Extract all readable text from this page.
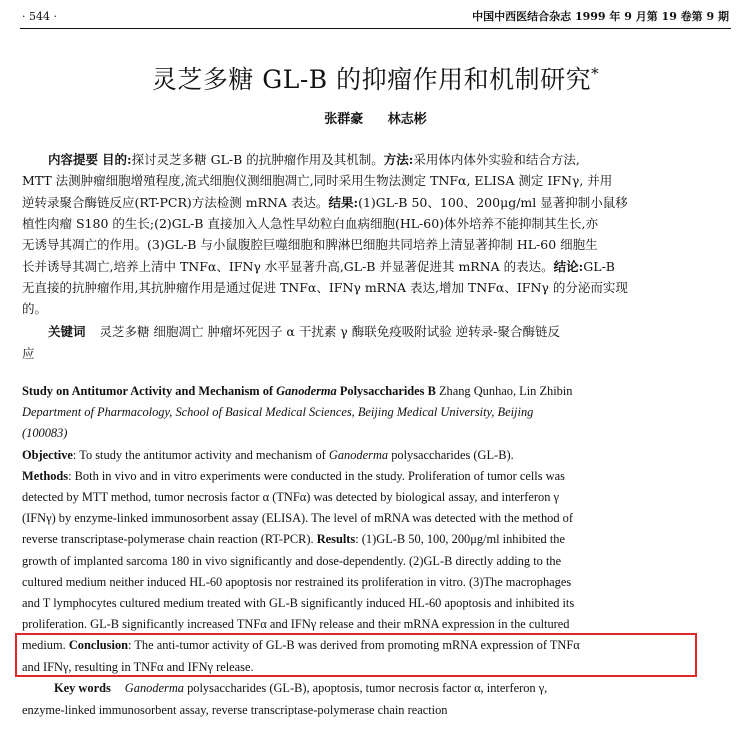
· 544 ·	中国中西医结合杂志 1999 年 9 月第 19 卷第 9 期
灵芝多糖 GL-B 的抑瘤作用和机制研究*
张群豪 林志彬
内容提要 目的:探讨灵芝多糖 GL-B 的抗肿瘤作用及其机制。方法:采用体内体外实验和结合方法,
MTT 法测肿瘤细胞增殖程度,流式细胞仪测细胞凋亡,同时采用生物法测定 TNFα, ELISA 测定 IFNγ, 并用
逆转录聚合酶链反应(RT-PCR)方法检测 mRNA 表达。结果:(1)GL-B 50、100、200μg/ml 显著抑制小鼠移
植性肉瘤 S180 的生长;(2)GL-B 直接加入人急性早幼粒白血病细胞(HL-60)体外培养不能抑制其生长,亦
无诱导其凋亡的作用。(3)GL-B 与小鼠腹腔巨噬细胞和脾淋巴细胞共同培养上清显著抑制 HL-60 细胞生
长并诱导其凋亡,培养上清中 TNFα、IFNγ 水平显著升高,GL-B 并显著促进其 mRNA 的表达。结论:GL-B
无直接的抗肿瘤作用,其抗肿瘤作用是通过促进 TNFα、IFNγ mRNA 表达,增加 TNFα、IFNγ 的分泌而实现
的。
关键词 灵芝多糖 细胞凋亡 肿瘤坏死因子 α 干扰素 γ 酶联免疫吸附试验 逆转录-聚合酶链反
应
Study on Antitumor Activity and Mechanism of Ganoderma Polysaccharides B Zhang Qunhao, Lin Zhibin
Department of Pharmacology, School of Basical Medical Sciences, Beijing Medical University, Beijing
(100083)
Objective: To study the antitumor activity and mechanism of Ganoderma polysaccharides (GL-B).
Methods: Both in vivo and in vitro experiments were conducted in the study. Proliferation of tumor cells was
detected by MTT method, tumor necrosis factor α (TNFα) was detected by biological assay, and interferon γ
(IFNγ) by enzyme-linked immunosorbent assay (ELISA). The level of mRNA was detected with the method of
reverse transcriptase-polymerase chain reaction (RT-PCR). Results: (1)GL-B 50, 100, 200μg/ml inhibited the
growth of implanted sarcoma 180 in vivo significantly and dose-dependently. (2)GL-B directly adding to the
cultured medium neither induced HL-60 apoptosis nor restrained its proliferation in vitro. (3)The macrophages
and T lymphocytes cultured medium treated with GL-B significantly induced HL-60 apoptosis and inhibited its
proliferation. GL-B significantly increased TNFα and IFNγ release and their mRNA expression in the cultured
medium. Conclusion: The anti-tumor activity of GL-B was derived from promoting mRNA expression of TNFα
and IFNγ, resulting in TNFα and IFNγ release.
Key words Ganoderma polysaccharides (GL-B), apoptosis, tumor necrosis factor α, interferon γ,
enzyme-linked immunosorbent assay, reverse transcriptase-polymerase chain reaction
